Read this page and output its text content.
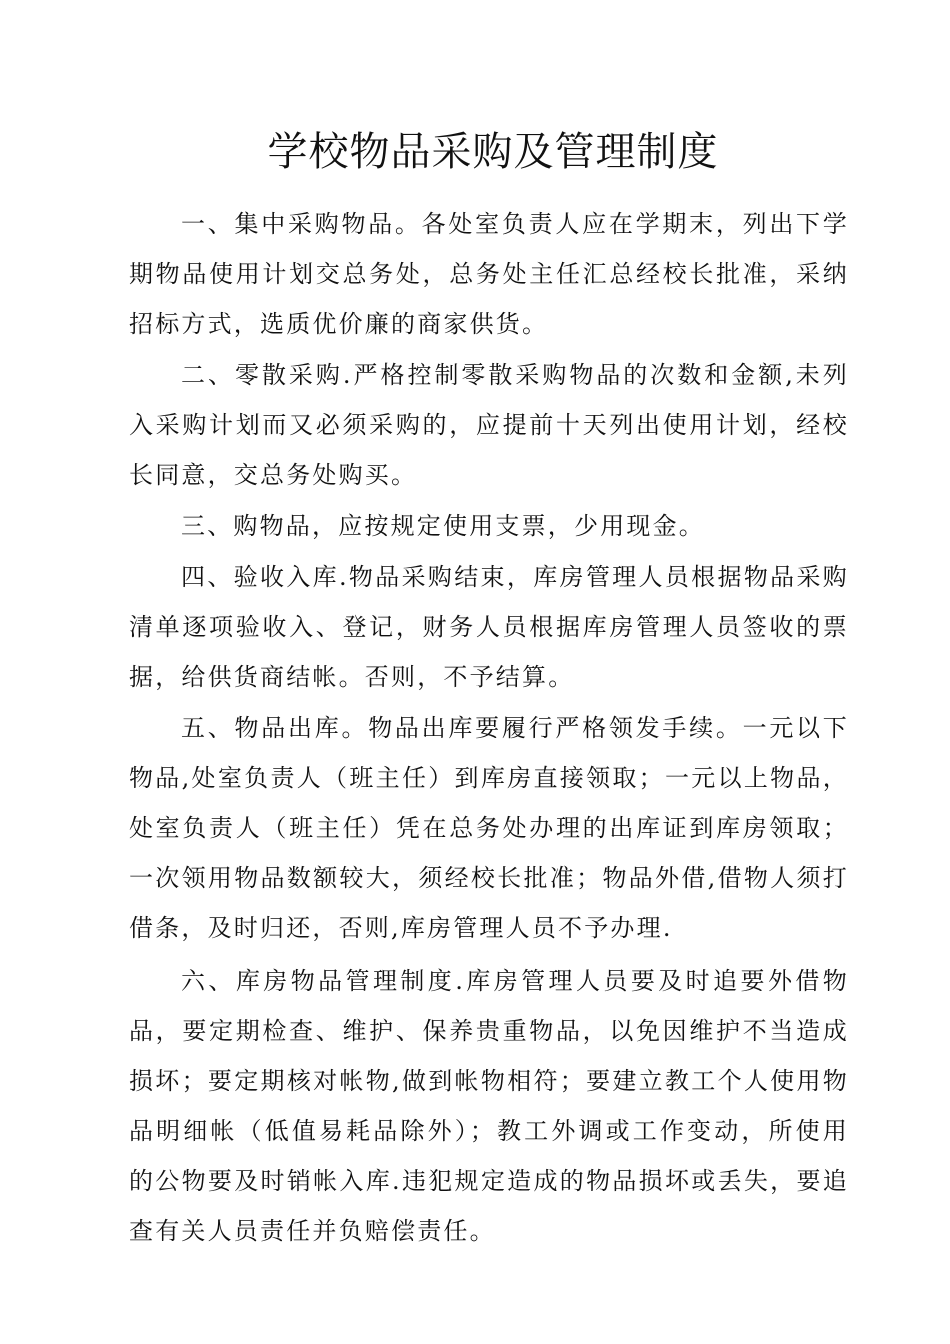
学校物品采购及管理制度

一、集中采购物品。各处室负责人应在学期末，列出下学期物品使用计划交总务处，总务处主任汇总经校长批准，采纳招标方式，选质优价廉的商家供货。

二、零散采购.严格控制零散采购物品的次数和金额,未列入采购计划而又必须采购的，应提前十天列出使用计划，经校长同意，交总务处购买。

三、购物品，应按规定使用支票，少用现金。

四、验收入库.物品采购结束，库房管理人员根据物品采购清单逐项验收入、登记，财务人员根据库房管理人员签收的票据，给供货商结帐。否则，不予结算。

五、物品出库。物品出库要履行严格领发手续。一元以下物品,处室负责人（班主任）到库房直接领取；一元以上物品，处室负责人（班主任）凭在总务处办理的出库证到库房领取；一次领用物品数额较大，须经校长批准；物品外借,借物人须打借条，及时归还，否则,库房管理人员不予办理.

六、库房物品管理制度.库房管理人员要及时追要外借物品，要定期检查、维护、保养贵重物品，以免因维护不当造成损坏；要定期核对帐物,做到帐物相符；要建立教工个人使用物品明细帐（低值易耗品除外）；教工外调或工作变动，所使用的公物要及时销帐入库.违犯规定造成的物品损坏或丢失，要追查有关人员责任并负赔偿责任。
